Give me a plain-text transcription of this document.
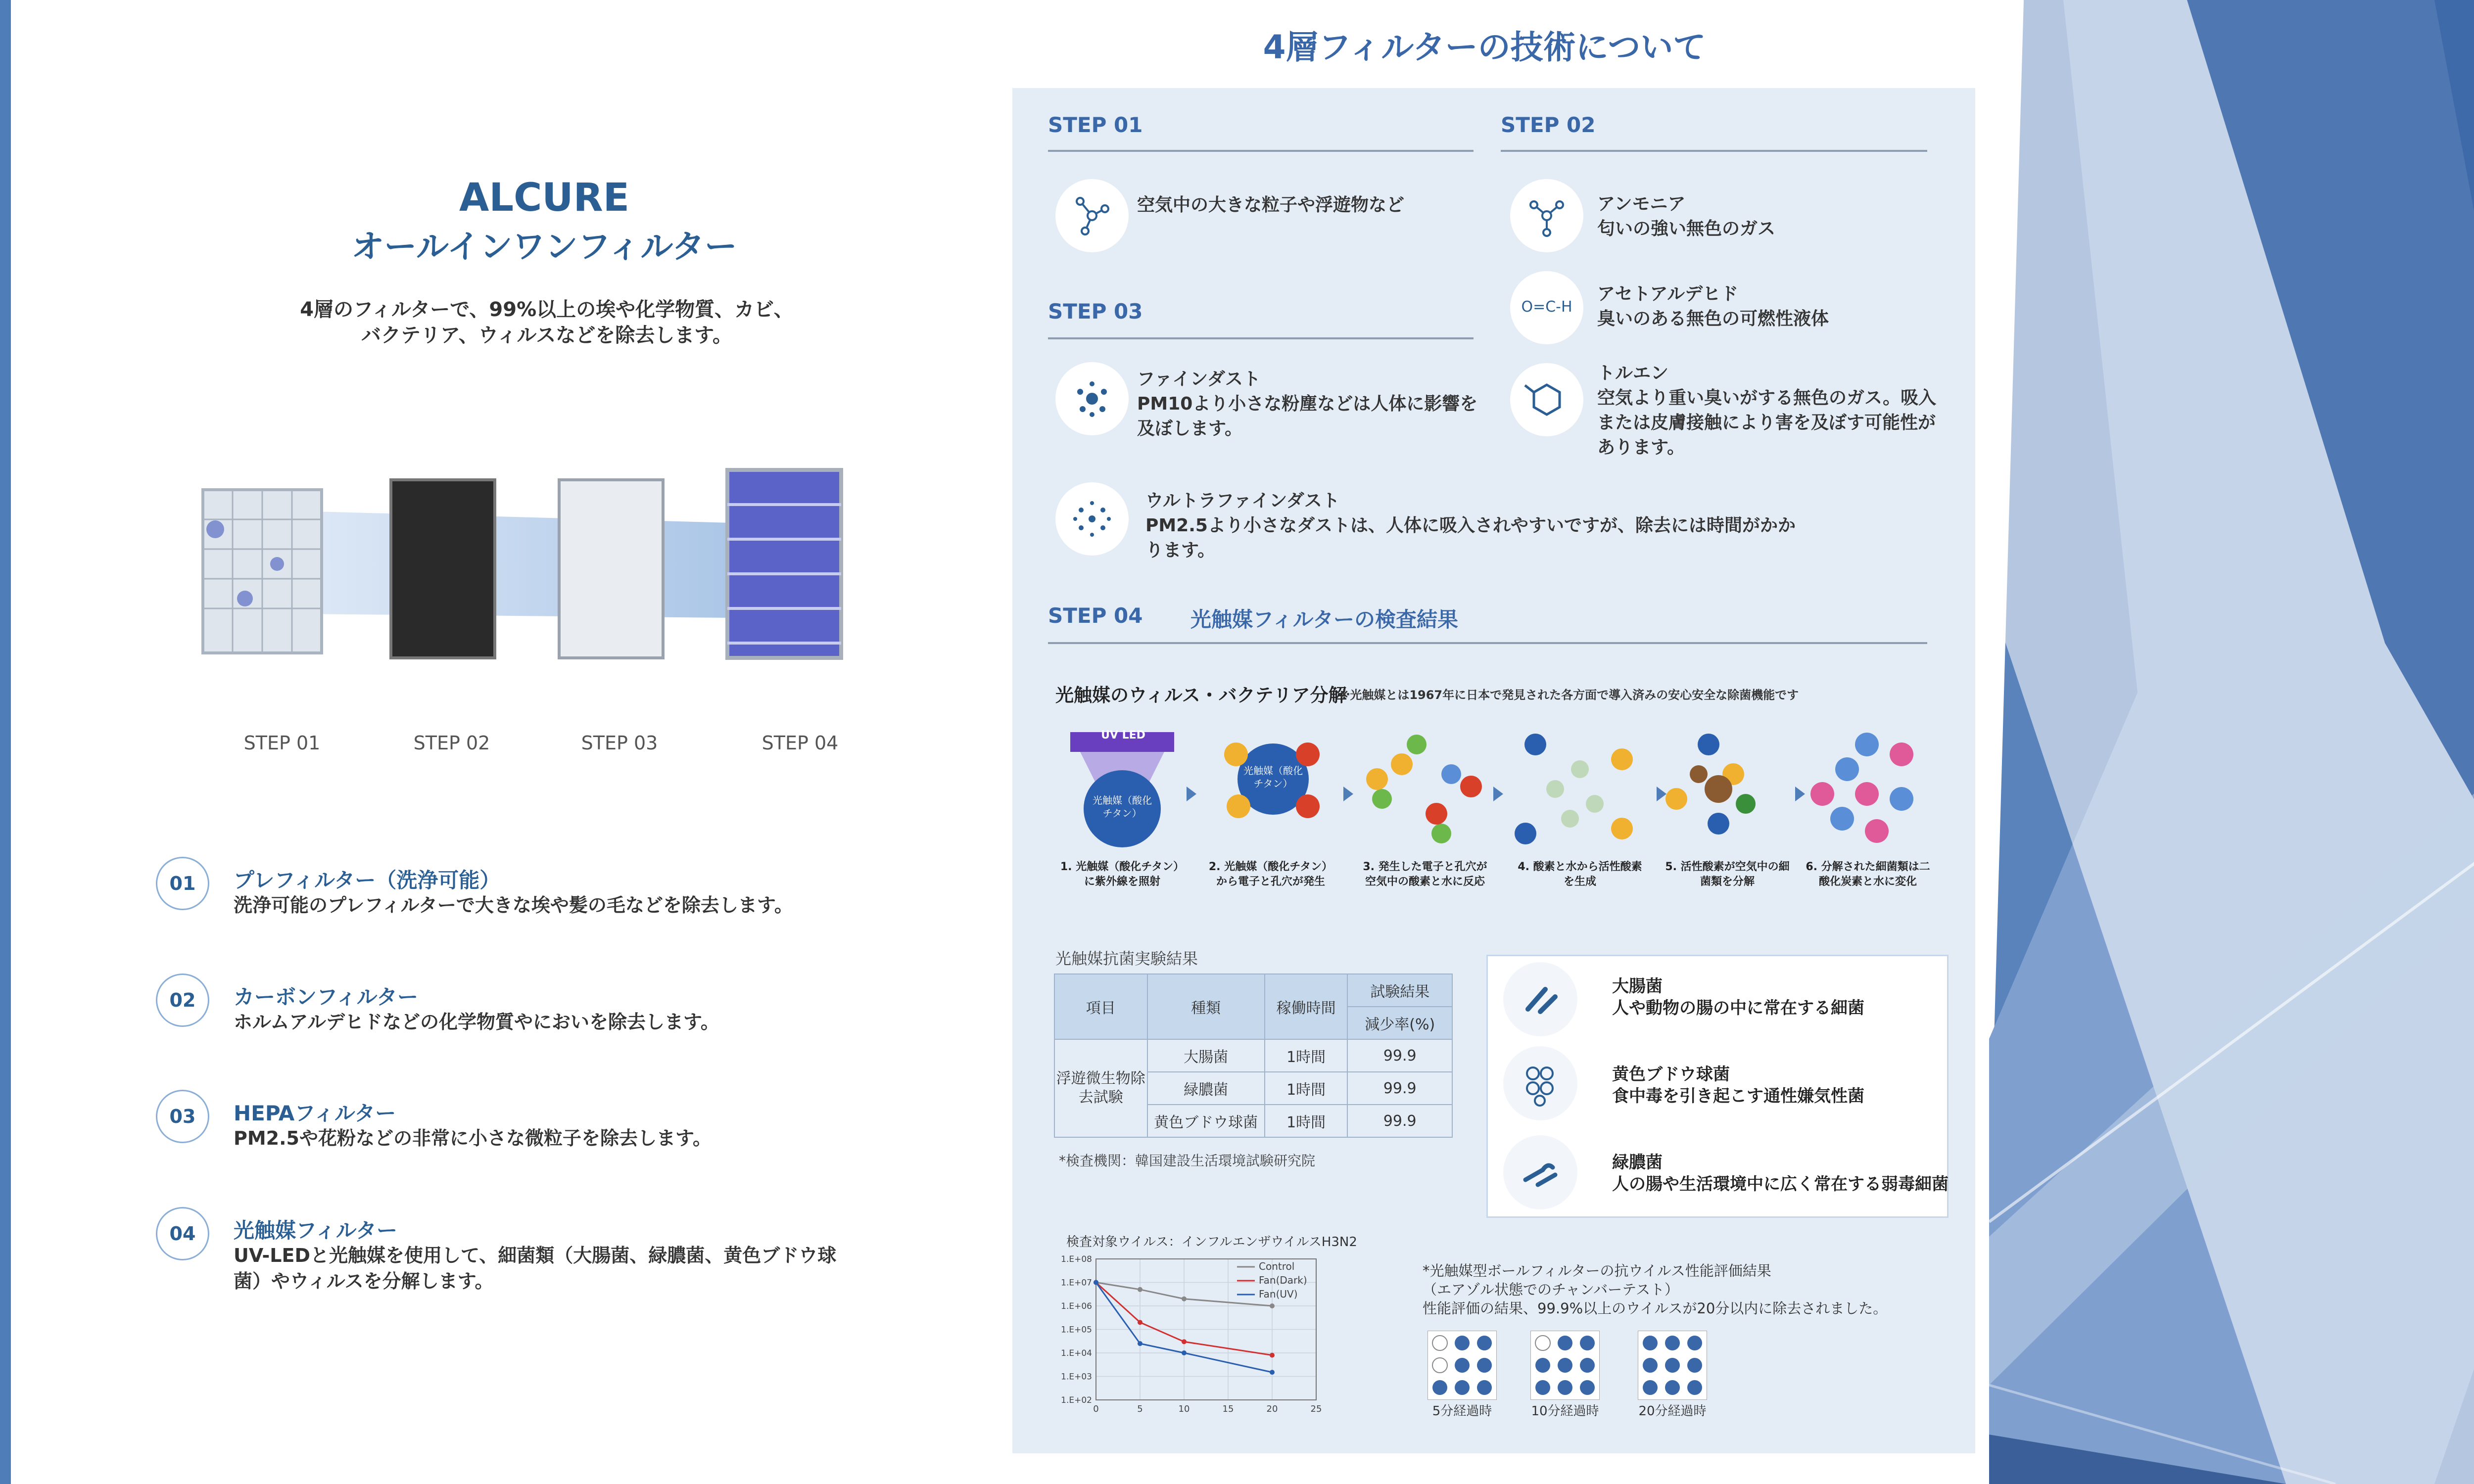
ALCURE
オールインワンフィルター
4層のフィルターで、99%以上の埃や化学物質、カビ、
バクテリア、ウィルスなどを除去します。
STEP 01	STEP 02	STEP 03	STEP 04
01	プレフィルター（洗浄可能）
洗浄可能のプレフィルターで大きな埃や髪の毛などを除去します。
02	カーボンフィルター
ホルムアルデヒドなどの化学物質やにおいを除去します。
03	HEPAフィルター
PM2.5や花粉などの非常に小さな微粒子を除去します。
04	光触媒フィルター
UV-LEDと光触媒を使用して、細菌類（大腸菌、緑膿菌、黄色ブドウ球菌）やウィルスを分解します。
4層フィルターの技術について
STEP 01
空気中の大きな粒子や浮遊物など
STEP 02
アンモニア
匂いの強い無色のガス
O=C-H
アセトアルデヒド
臭いのある無色の可燃性液体
トルエン
空気より重い臭いがする無色のガス。吸入または皮膚接触により害を及ぼす可能性があります。
STEP 03
ファインダスト
PM10より小さな粉塵などは人体に影響を及ぼします。
ウルトラファインダスト
PM2.5より小さなダストは、人体に吸入されやすいですが、除去には時間がかかります。
STEP 04 光触媒フィルターの検査結果
光触媒のウィルス・バクテリア分解
※光触媒とは1967年に日本で発見された各方面で導入済みの安心安全な除菌機能です
UV LED
光触媒（酸化チタン）
光触媒（酸化チタン）
1. 光触媒（酸化チタン）に紫外線を照射
2. 光触媒（酸化チタン）から電子と孔穴が発生
3. 発生した電子と孔穴が空気中の酸素と水に反応
4. 酸素と水から活性酸素を生成
5. 活性酸素が空気中の細菌類を分解
6. 分解された細菌類は二酸化炭素と水に変化
光触媒抗菌実験結果
項目	種類	稼働時間	試験結果
			減少率(%)
浮遊微生物除去試験	大腸菌	1時間	99.9
	緑膿菌	1時間	99.9
	黄色ブドウ球菌	1時間	99.9
*検査機関：韓国建設生活環境試験研究院
大腸菌
人や動物の腸の中に常在する細菌
黄色ブドウ球菌
食中毒を引き起こす通性嫌気性菌
緑膿菌
人の腸や生活環境中に広く常在する弱毒細菌
検査対象ウイルス：インフルエンザウイルスH3N2
1.E+02
1.E+03
1.E+04
1.E+05
1.E+06
1.E+07
1.E+08
0	5	10	15	20	25
Control
Fan(Dark)
Fan(UV)
*光触媒型ボールフィルターの抗ウイルス性能評価結果
（エアゾル状態でのチャンバーテスト）
性能評価の結果、99.9%以上のウイルスが20分以内に除去されました。
5分経過時	10分経過時	20分経過時
